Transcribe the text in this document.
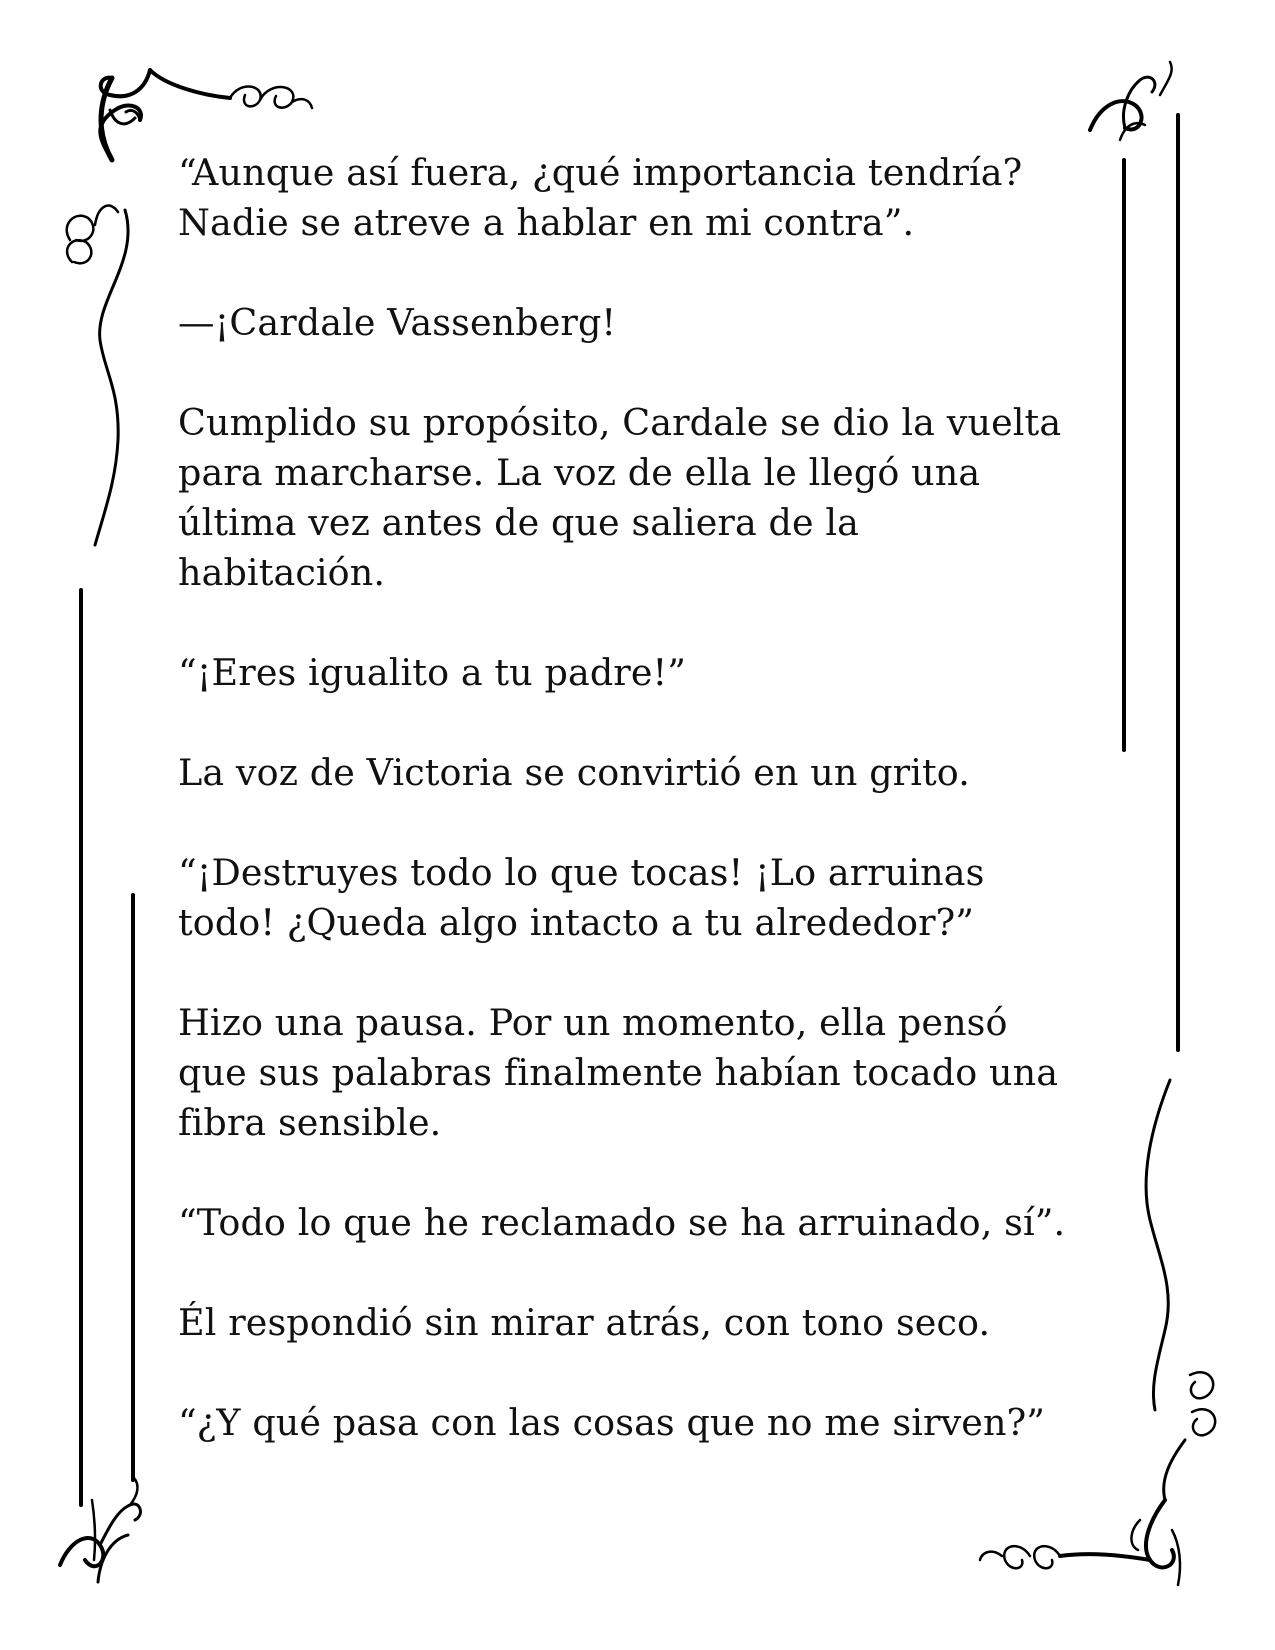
“Aunque así fuera, ¿qué importancia tendría?
Nadie se atreve a hablar en mi contra”.

—¡Cardale Vassenberg!

Cumplido su propósito, Cardale se dio la vuelta
para marcharse. La voz de ella le llegó una
última vez antes de que saliera de la
habitación.

“¡Eres igualito a tu padre!”

La voz de Victoria se convirtió en un grito.

“¡Destruyes todo lo que tocas! ¡Lo arruinas
todo! ¿Queda algo intacto a tu alrededor?”

Hizo una pausa. Por un momento, ella pensó
que sus palabras finalmente habían tocado una
fibra sensible.

“Todo lo que he reclamado se ha arruinado, sí”.

Él respondió sin mirar atrás, con tono seco.

“¿Y qué pasa con las cosas que no me sirven?”
